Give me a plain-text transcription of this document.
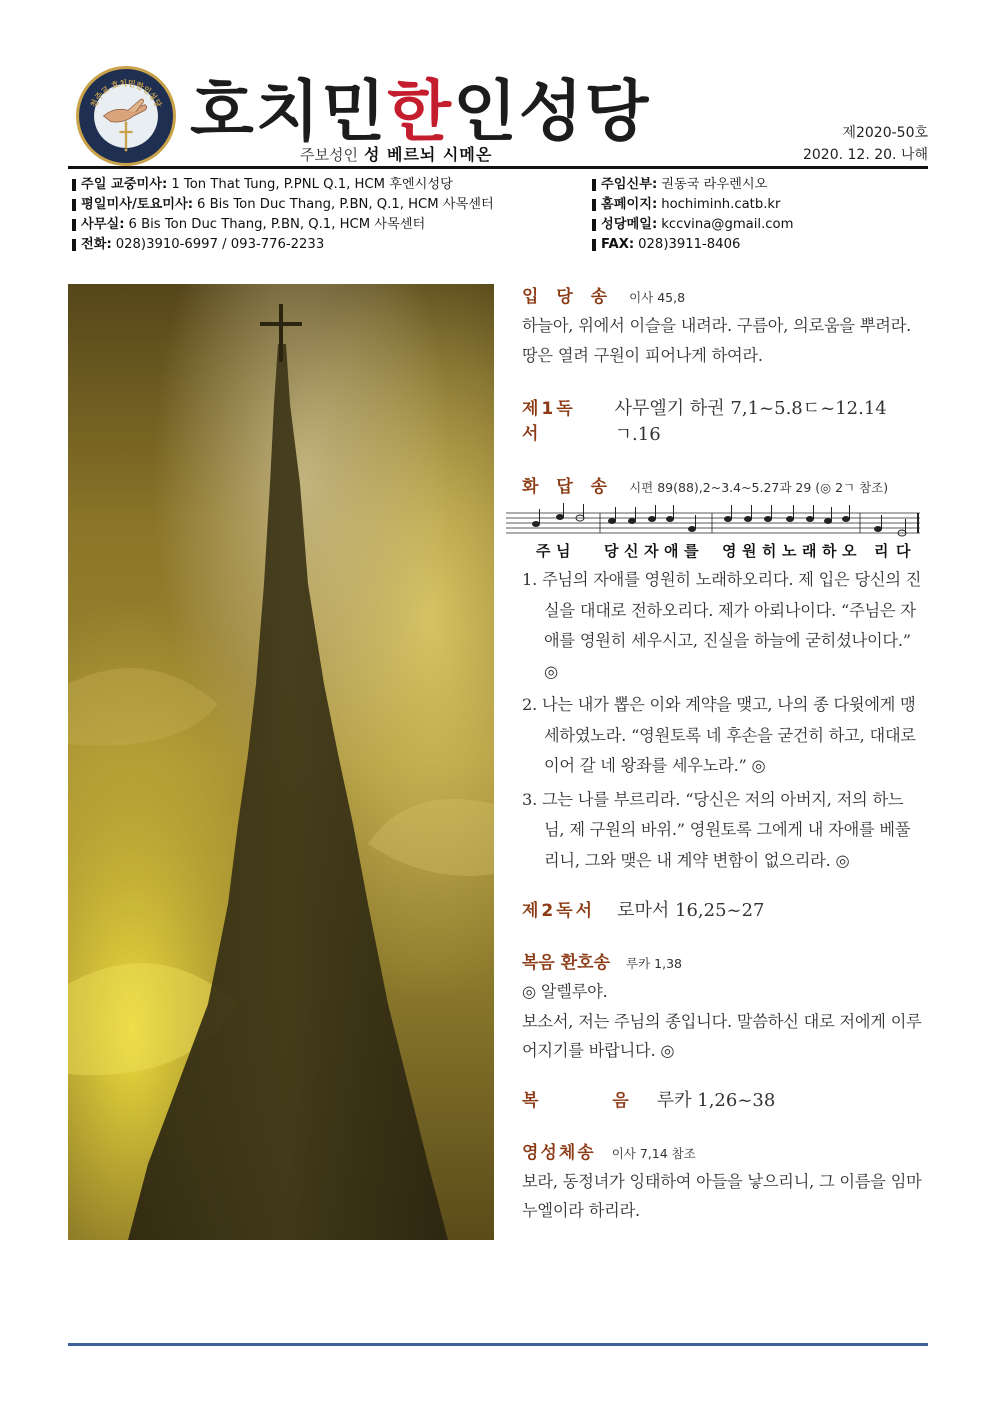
천주교 호치민한인성당 호 치 민 한 인 성 당
주보성인 성 베르뇌 시메온
제2020-50호
2020. 12. 20. 나해
주일 교중미사: 1 Ton That Tung, P.PNL Q.1, HCM 후엔시성당
평일미사/토요미사: 6 Bis Ton Duc Thang, P.BN, Q.1, HCM 사목센터
사무실: 6 Bis Ton Duc Thang, P.BN, Q.1, HCM 사목센터
전화: 028)3910-6997 / 093-776-2233
주임신부: 권동국 라우렌시오
홈페이지: hochiminh.catb.kr
성당메일: kccvina@gmail.com
FAX: 028)3911-8406
입 당 송 이사 45,8
하늘아, 위에서 이슬을 내려라. 구름아, 의로움을 뿌려라. 땅은 열려 구원이 피어나게 하여라.
제1독서
사무엘기 하권 7,1~5.8ㄷ~12.14ㄱ.16
화 답 송 시편 89(88),2~3.4~5.27과 29 (◎ 2ㄱ 참조)
주 님 당 신 자 애 를 영 원 히 노 래 하 오 리 다
1. 주님의 자애를 영원히 노래하오리다. 제 입은 당신의 진실을 대대로 전하오리다. 제가 아뢰나이다. “주님은 자애를 영원히 세우시고, 진실을 하늘에 굳히셨나이다.” ◎
2. 나는 내가 뽑은 이와 계약을 맺고, 나의 종 다윗에게 맹세하였노라. “영원토록 네 후손을 굳건히 하고, 대대로 이어 갈 네 왕좌를 세우노라.” ◎
3. 그는 나를 부르리라. “당신은 저의 아버지, 저의 하느님, 제 구원의 바위.” 영원토록 그에게 내 자애를 베풀리니, 그와 맺은 내 계약 변함이 없으리라. ◎
제2독서 로마서 16,25~27
복음 환호송 루카 1,38
◎ 알렐루야.
보소서, 저는 주님의 종입니다. 말씀하신 대로 저에게 이루어지기를 바랍니다. ◎
복 음
루카 1,26~38
영성체송 이사 7,14 참조
보라, 동정녀가 잉태하여 아들을 낳으리니, 그 이름을 임마누엘이라 하리라.
